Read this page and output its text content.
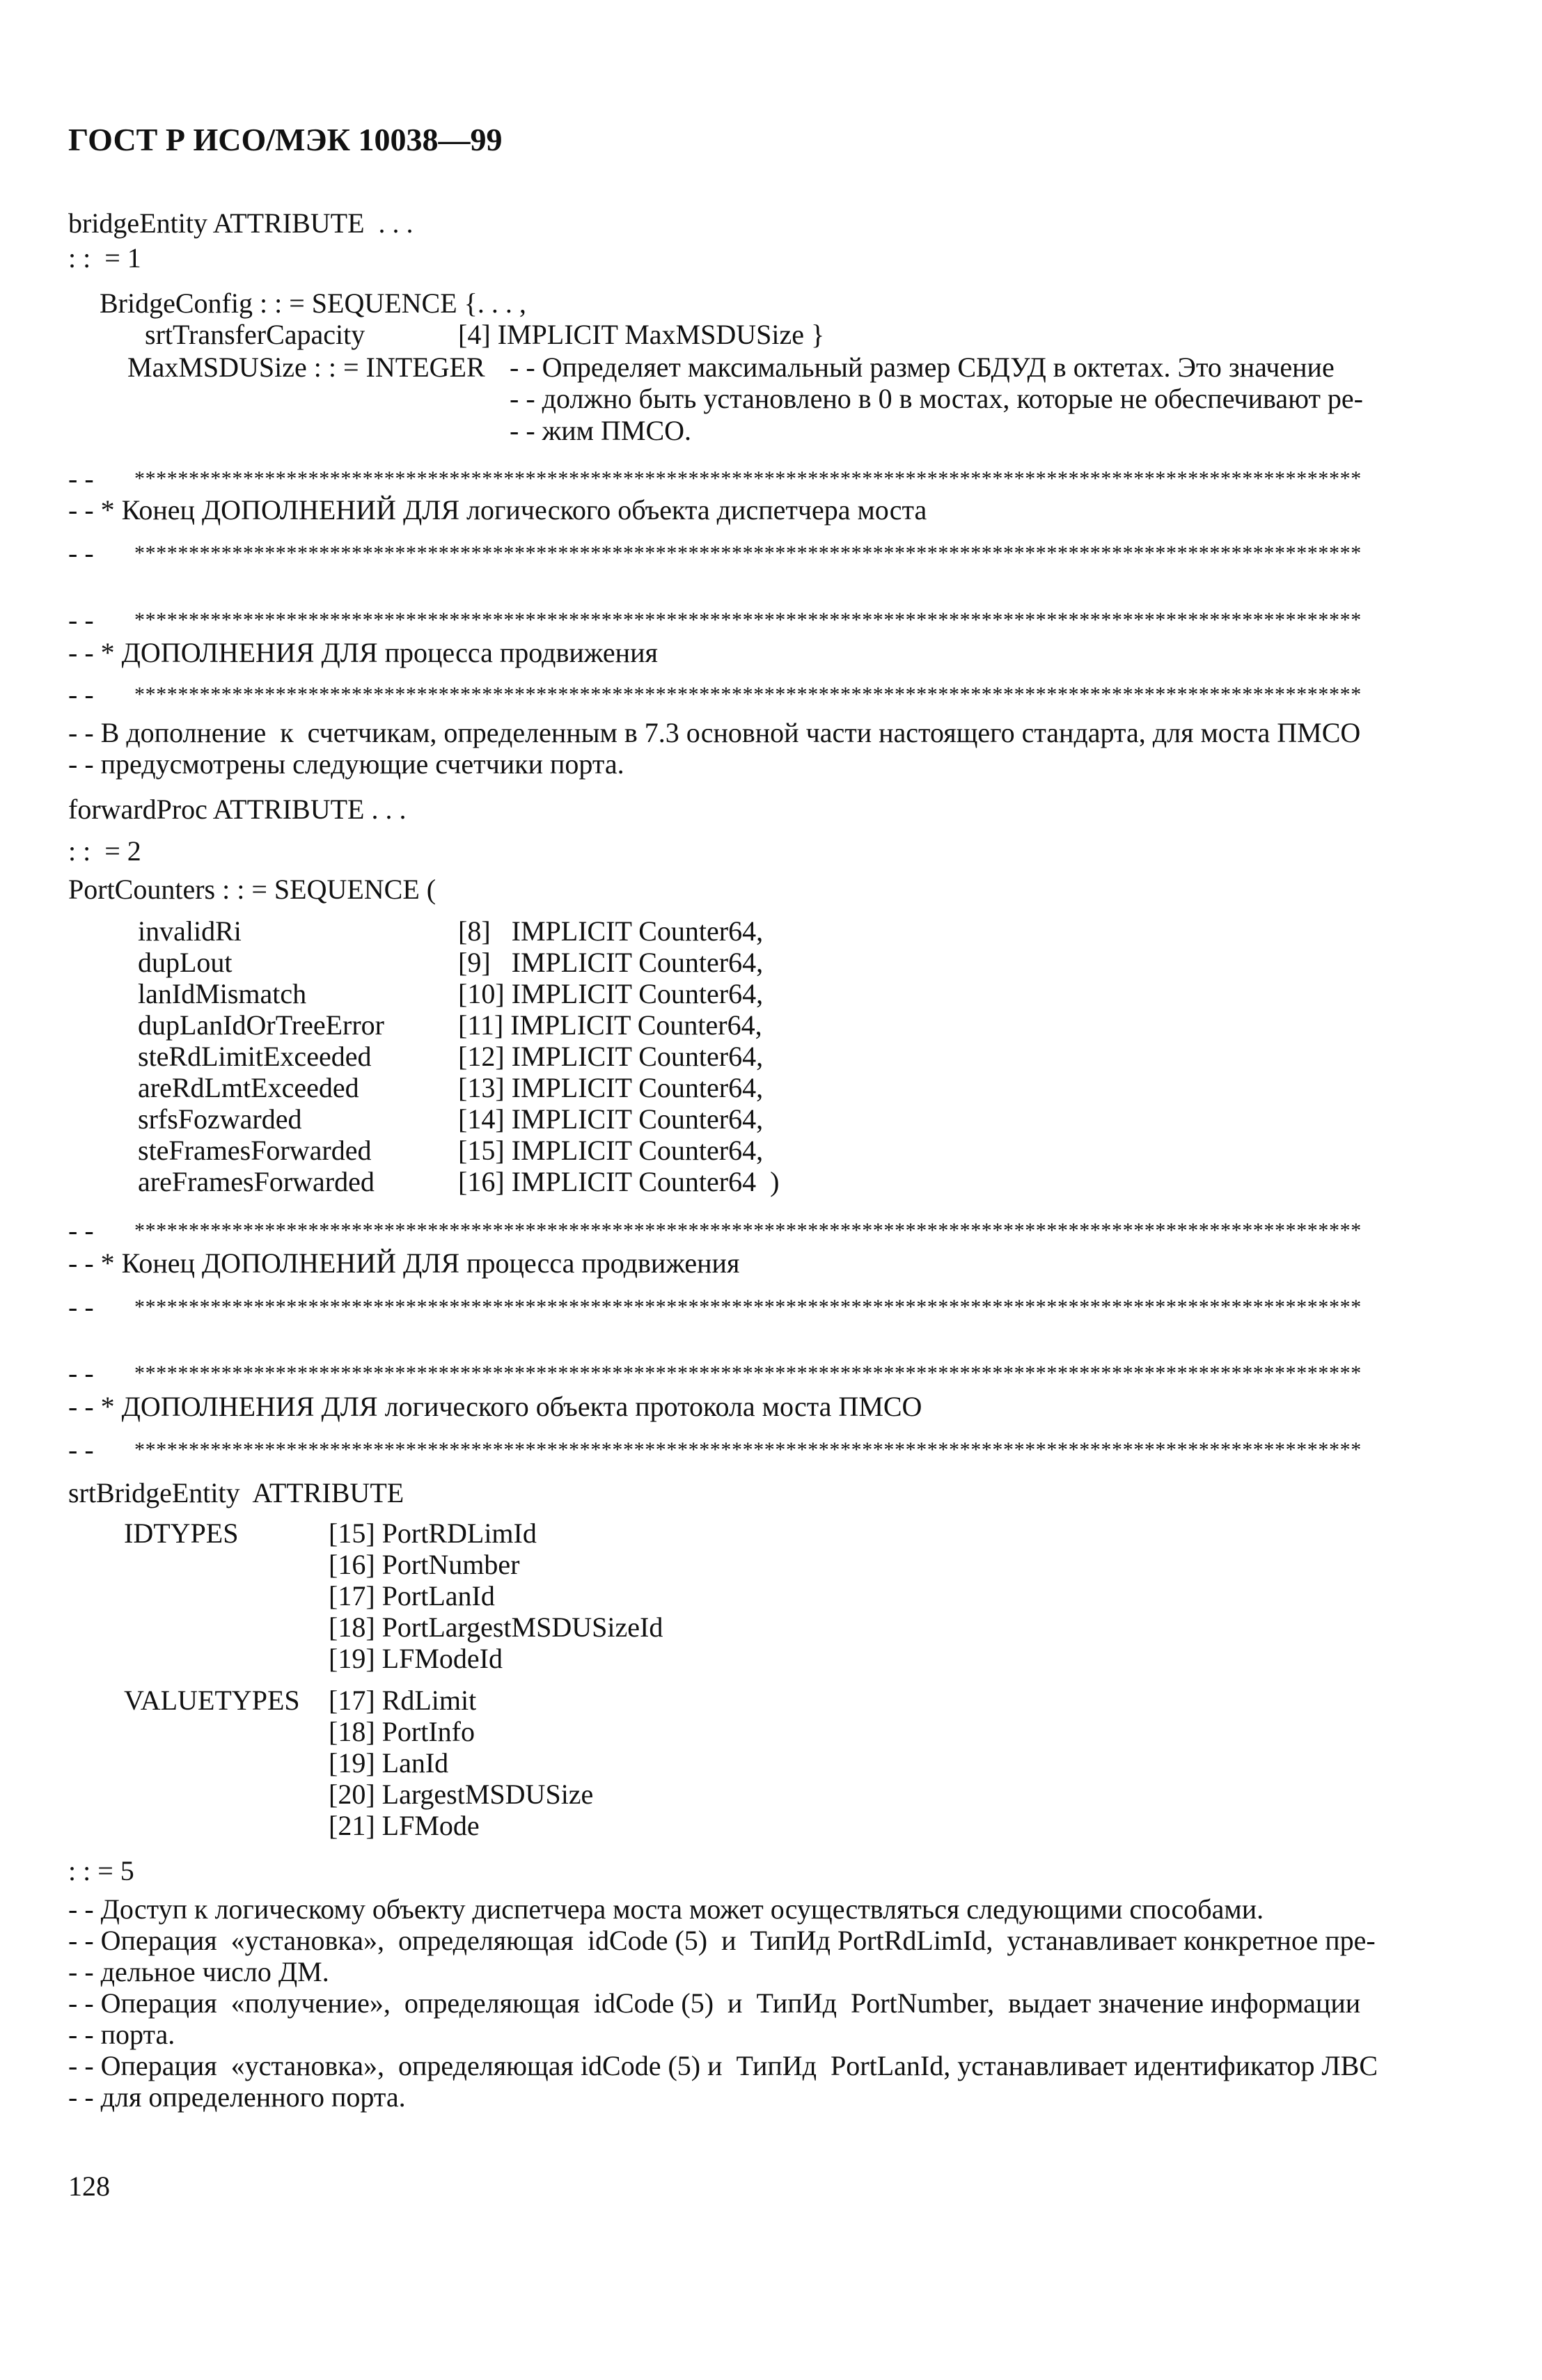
ГОСТ Р ИСО/МЭК 10038—99
bridgeEntity ATTRIBUTE  . . .
: :  = 1
BridgeConfig : : = SEQUENCE {. . . ,
srtTransferCapacity	[4] IMPLICIT MaxMSDUSize }
MaxMSDUSize : : = INTEGER - - Определяет максимальный размер СБДУД в октетах. Это значение
- - должно быть установлено в 0 в мостах, которые не обеспечивают ре-
- - жим ПМСО.
- - *****************************************************************************************************************
- - * Конец ДОПОЛНЕНИЙ ДЛЯ логического объекта диспетчера моста
- - *****************************************************************************************************************
- - *****************************************************************************************************************
- - * ДОПОЛНЕНИЯ ДЛЯ процесса продвижения
- - *****************************************************************************************************************
- - В дополнение  к  счетчикам, определенным в 7.3 основной части настоящего стандарта, для моста ПМСО
- - предусмотрены следующие счетчики порта.
forwardProc ATTRIBUTE . . .
: :  = 2
PortCounters : : = SEQUENCE (
invalidRi	[8]   IMPLICIT Counter64,
dupLout	[9]   IMPLICIT Counter64,
lanIdMismatch	[10] IMPLICIT Counter64,
dupLanIdOrTreeError	[11] IMPLICIT Counter64,
steRdLimitExceeded	[12] IMPLICIT Counter64,
areRdLmtExceeded	[13] IMPLICIT Counter64,
srfsFozwarded	[14] IMPLICIT Counter64,
steFramesForwarded	[15] IMPLICIT Counter64,
areFramesForwarded	[16] IMPLICIT Counter64  )
- - *****************************************************************************************************************
- - * Конец ДОПОЛНЕНИЙ ДЛЯ процесса продвижения
- - *****************************************************************************************************************
- - *****************************************************************************************************************
- - * ДОПОЛНЕНИЯ ДЛЯ логического объекта протокола моста ПМСО
- - *****************************************************************************************************************
srtBridgeEntity  ATTRIBUTE
IDTYPES	[15] PortRDLimId
[16] PortNumber
[17] PortLanId
[18] PortLargestMSDUSizeId
[19] LFModeId
VALUETYPES [17] RdLimit
[18] PortInfo
[19] LanId
[20] LargestMSDUSize
[21] LFMode
: : = 5
- - Доступ к логическому объекту диспетчера моста может осуществляться следующими способами.
- - Операция  «установка»,  определяющая  idCode (5)  и  ТипИд PortRdLimId,  устанавливает конкретное пре-
- - дельное число ДМ.
- - Операция  «получение»,  определяющая  idCode (5)  и  ТипИд  PortNumber,  выдает значение информации
- - порта.
- - Операция  «установка»,  определяющая idCode (5) и  ТипИд  PortLanId, устанавливает идентификатор ЛВС
- - для определенного порта.
128
